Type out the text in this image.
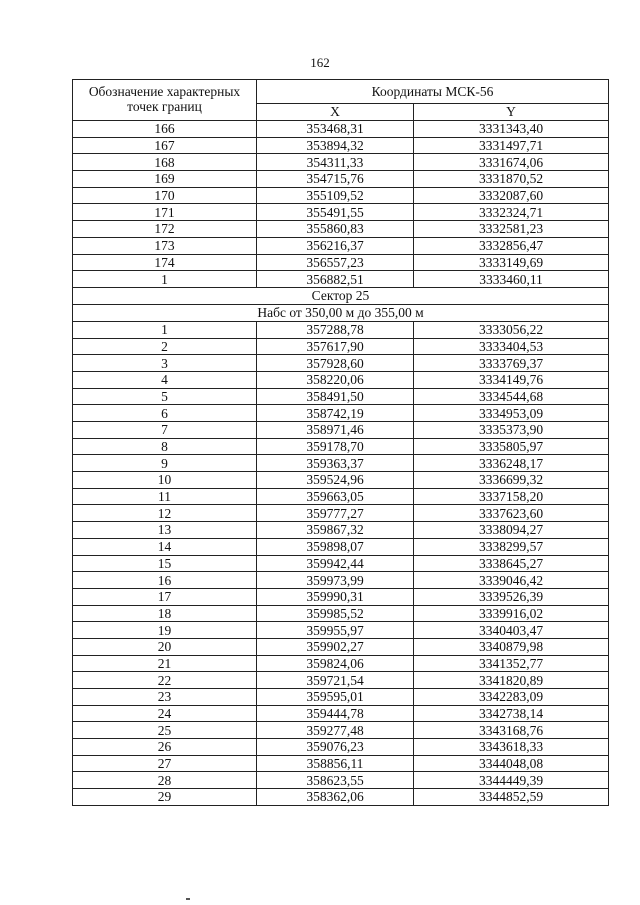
162
Обозначение характерных точек границ	Координаты МСК-56	
	X	Y
166	353468,31	3331343,40
167	353894,32	3331497,71
168	354311,33	3331674,06
169	354715,76	3331870,52
170	355109,52	3332087,60
171	355491,55	3332324,71
172	355860,83	3332581,23
173	356216,37	3332856,47
174	356557,23	3333149,69
1	356882,51	3333460,11
Сектор 25		
Набс от 350,00 м до 355,00 м		
1	357288,78	3333056,22
2	357617,90	3333404,53
3	357928,60	3333769,37
4	358220,06	3334149,76
5	358491,50	3334544,68
6	358742,19	3334953,09
7	358971,46	3335373,90
8	359178,70	3335805,97
9	359363,37	3336248,17
10	359524,96	3336699,32
11	359663,05	3337158,20
12	359777,27	3337623,60
13	359867,32	3338094,27
14	359898,07	3338299,57
15	359942,44	3338645,27
16	359973,99	3339046,42
17	359990,31	3339526,39
18	359985,52	3339916,02
19	359955,97	3340403,47
20	359902,27	3340879,98
21	359824,06	3341352,77
22	359721,54	3341820,89
23	359595,01	3342283,09
24	359444,78	3342738,14
25	359277,48	3343168,76
26	359076,23	3343618,33
27	358856,11	3344048,08
28	358623,55	3344449,39
29	358362,06	3344852,59
